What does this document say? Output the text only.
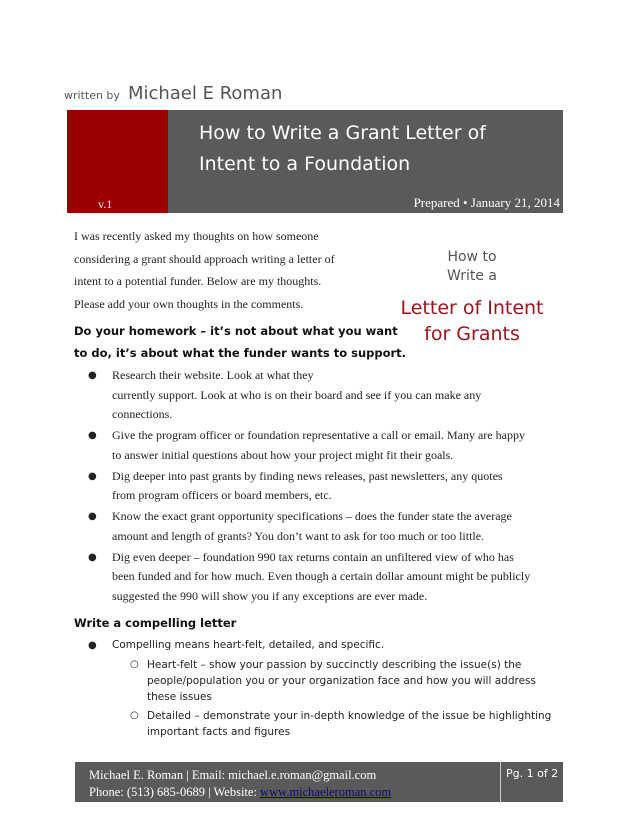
written by Michael E Roman
v.1
How to Write a Grant Letter of
Intent to a Foundation
Prepared • January 21, 2014
I was recently asked my thoughts on how someone
considering a grant should approach writing a letter of
intent to a potential funder. Below are my thoughts.
Please add your own thoughts in the comments.
How to
Write a
Letter of Intent
for Grants
Do your homework – it’s not about what you want
to do, it’s about what the funder wants to support.
● Research their website. Look at what they
currently support. Look at who is on their board and see if you can make any
connections.
● Give the program officer or foundation representative a call or email. Many are happy
to answer initial questions about how your project might fit their goals.
● Dig deeper into past grants by finding news releases, past newsletters, any quotes
from program officers or board members, etc.
● Know the exact grant opportunity specifications – does the funder state the average
amount and length of grants? You don’t want to ask for too much or too little.
● Dig even deeper – foundation 990 tax returns contain an unfiltered view of who has
been funded and for how much. Even though a certain dollar amount might be publicly
suggested the 990 will show you if any exceptions are ever made.
Write a compelling letter
● Compelling means heart-felt, detailed, and specific.
○ Heart-felt – show your passion by succinctly describing the issue(s) the
people/population you or your organization face and how you will address
these issues
○ Detailed – demonstrate your in-depth knowledge of the issue be highlighting
important facts and figures
Michael E. Roman | Email: michael.e.roman@gmail.com
Phone: (513) 685-0689 | Website: www.michaeleroman.com
Pg. 1 of 2
